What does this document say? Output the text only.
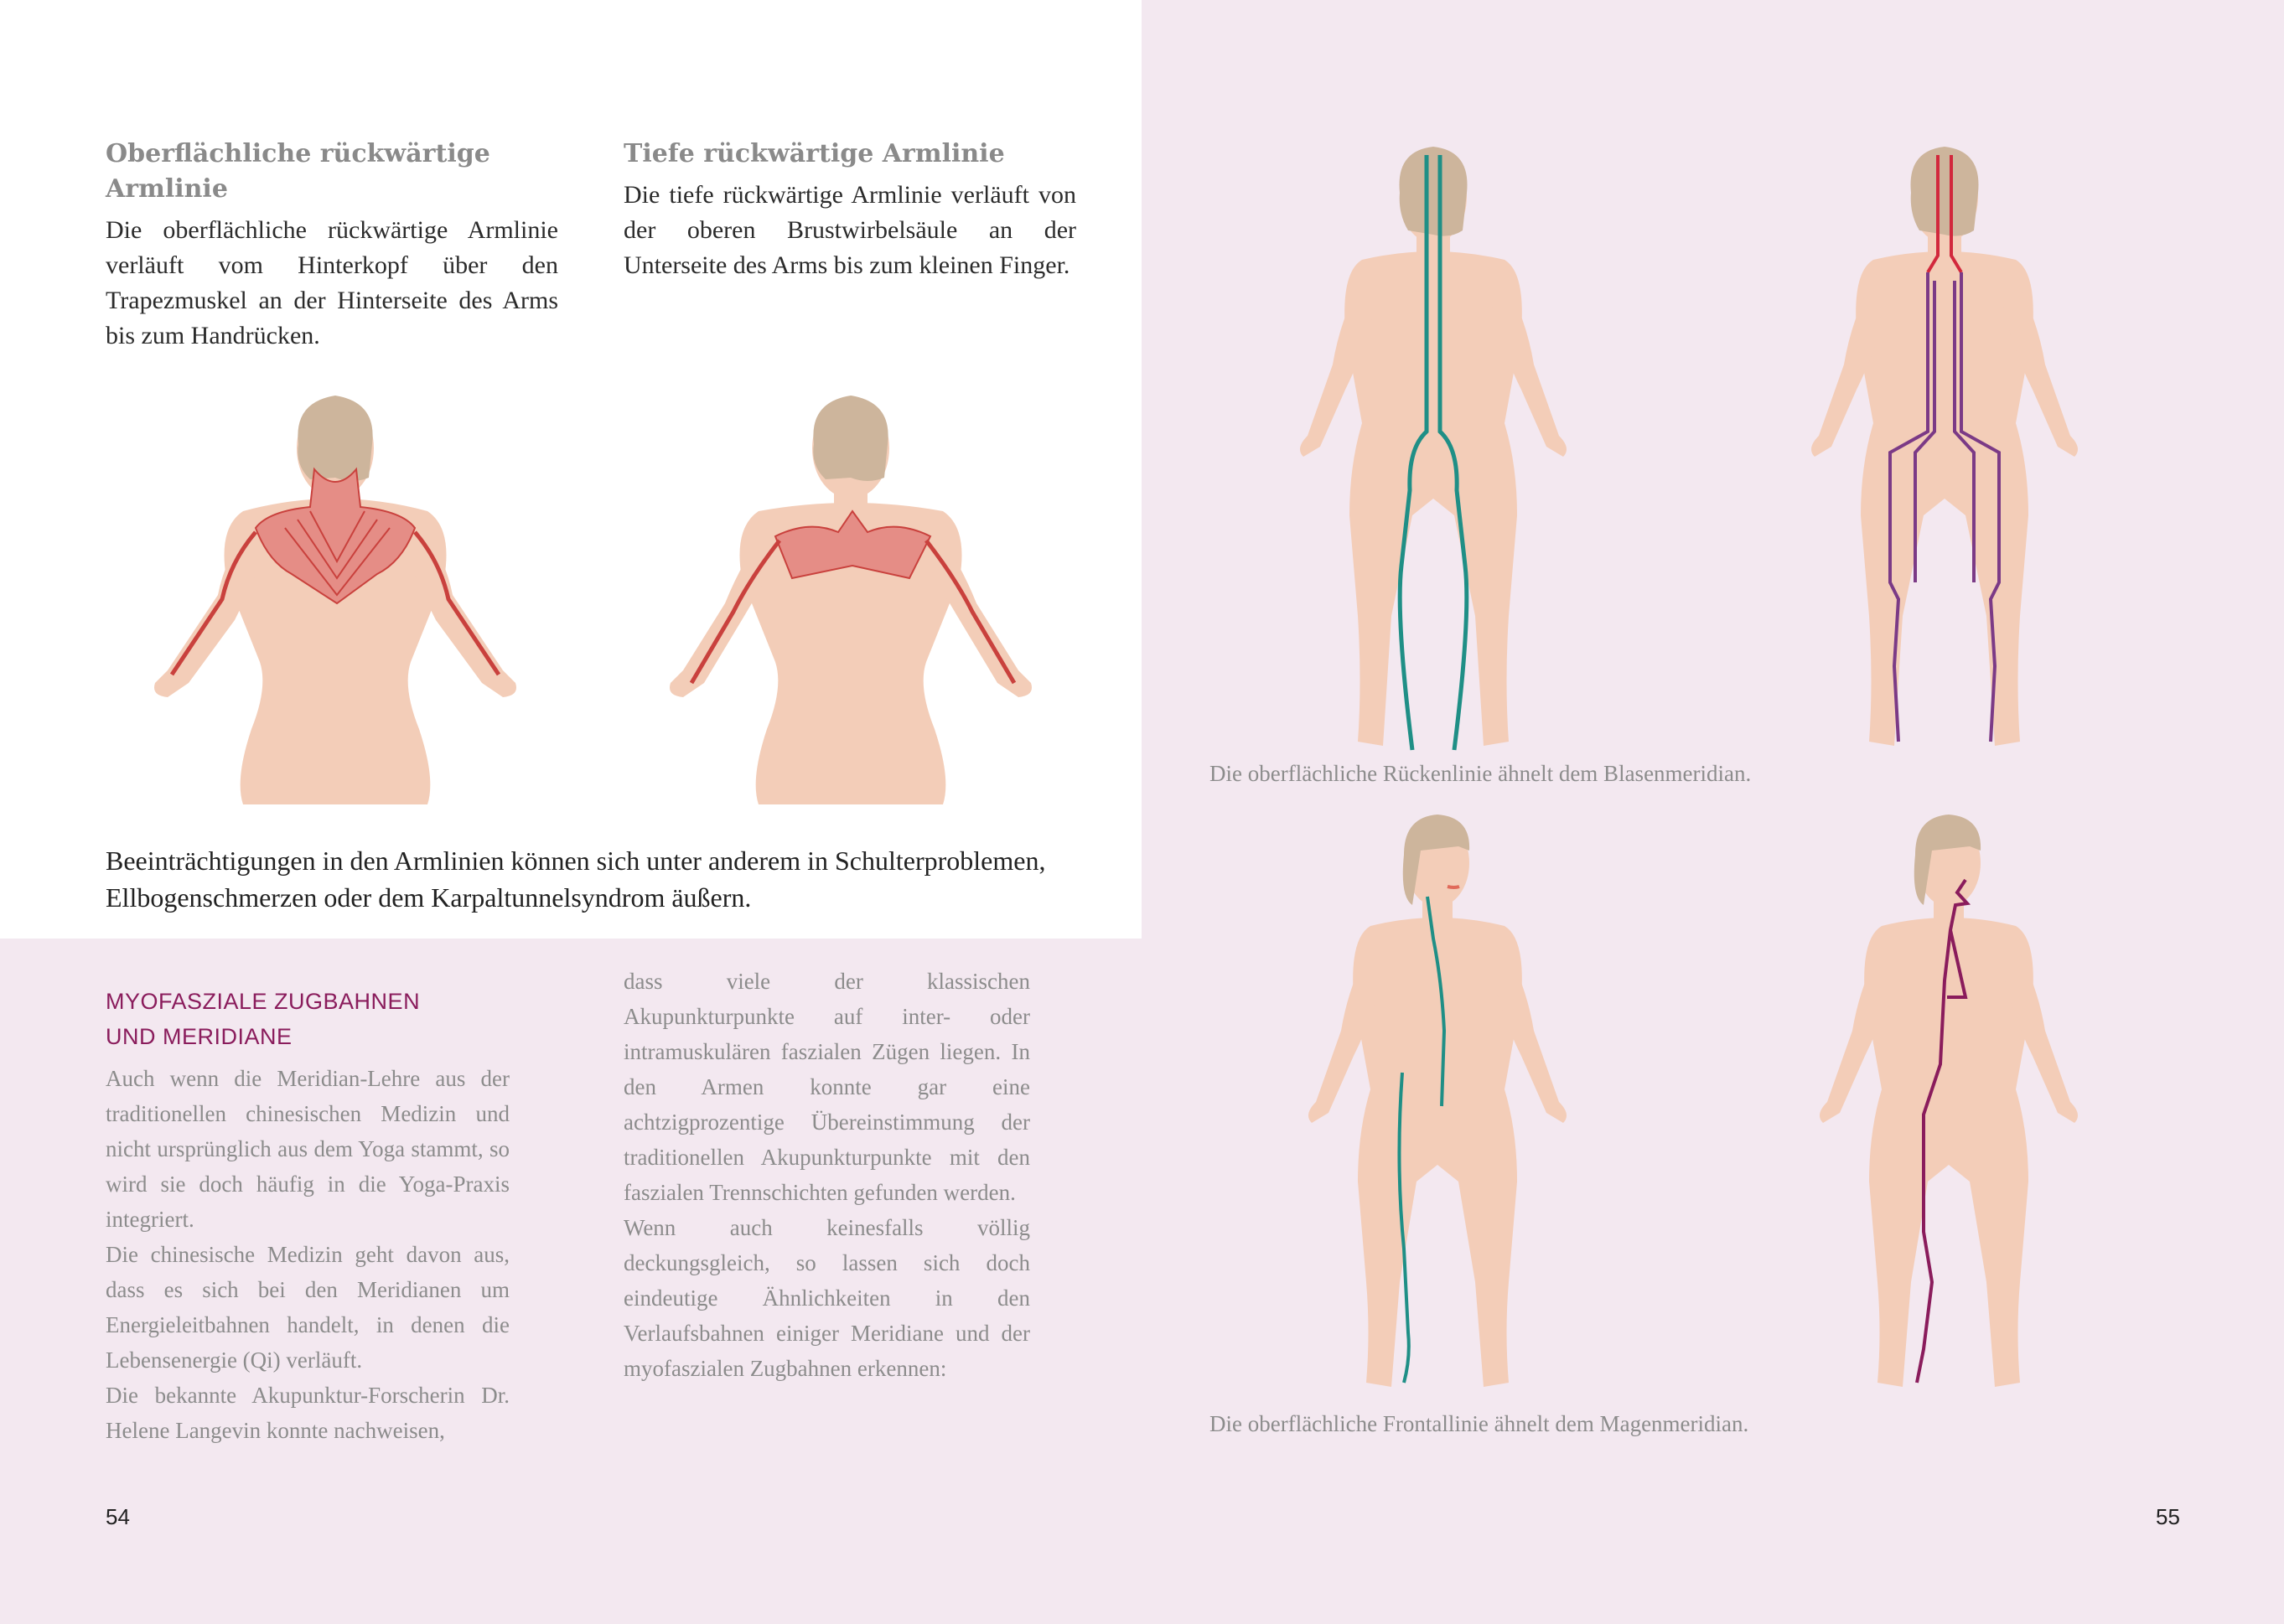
Oberflächliche rückwärtige Armlinie

Die oberflächliche rückwärtige Armlinie verläuft vom Hinterkopf über den Trapezmuskel an der Hinterseite des Arms bis zum Handrücken.

Tiefe rückwärtige Armlinie

Die tiefe rückwärtige Armlinie verläuft von der oberen Brustwirbelsäule an der Unterseite des Arms bis zum kleinen Finger.

Beeinträchtigungen in den Armlinien können sich unter anderem in Schulterproblemen, Ellbogenschmerzen oder dem Karpaltunnelsyndrom äußern.
MYOFASZIALE ZUGBAHNEN
UND MERIDIANE

Auch wenn die Meridian-Lehre aus der traditionellen chinesischen Medizin und nicht ursprünglich aus dem Yoga stammt, so wird sie doch häufig in die Yoga-Praxis integriert.

Die chinesische Medizin geht davon aus, dass es sich bei den Meridianen um Energieleitbahnen handelt, in denen die Lebensenergie (Qi) verläuft.

Die bekannte Akupunktur-Forscherin Dr. Helene Langevin konnte nachweisen,

dass viele der klassischen Akupunkturpunkte auf inter- oder intramuskulären faszialen Zügen liegen. In den Armen konnte gar eine achtzigprozentige Übereinstimmung der traditionellen Akupunkturpunkte mit den faszialen Trennschichten gefunden werden.

Wenn auch keinesfalls völlig deckungsgleich, so lassen sich doch eindeutige Ähnlichkeiten in den Verlaufsbahnen einiger Meridiane und der myofaszialen Zugbahnen erkennen:

54
Die oberflächliche Rückenlinie ähnelt dem Blasenmeridian.
Die oberflächliche Frontallinie ähnelt dem Magenmeridian.
55
